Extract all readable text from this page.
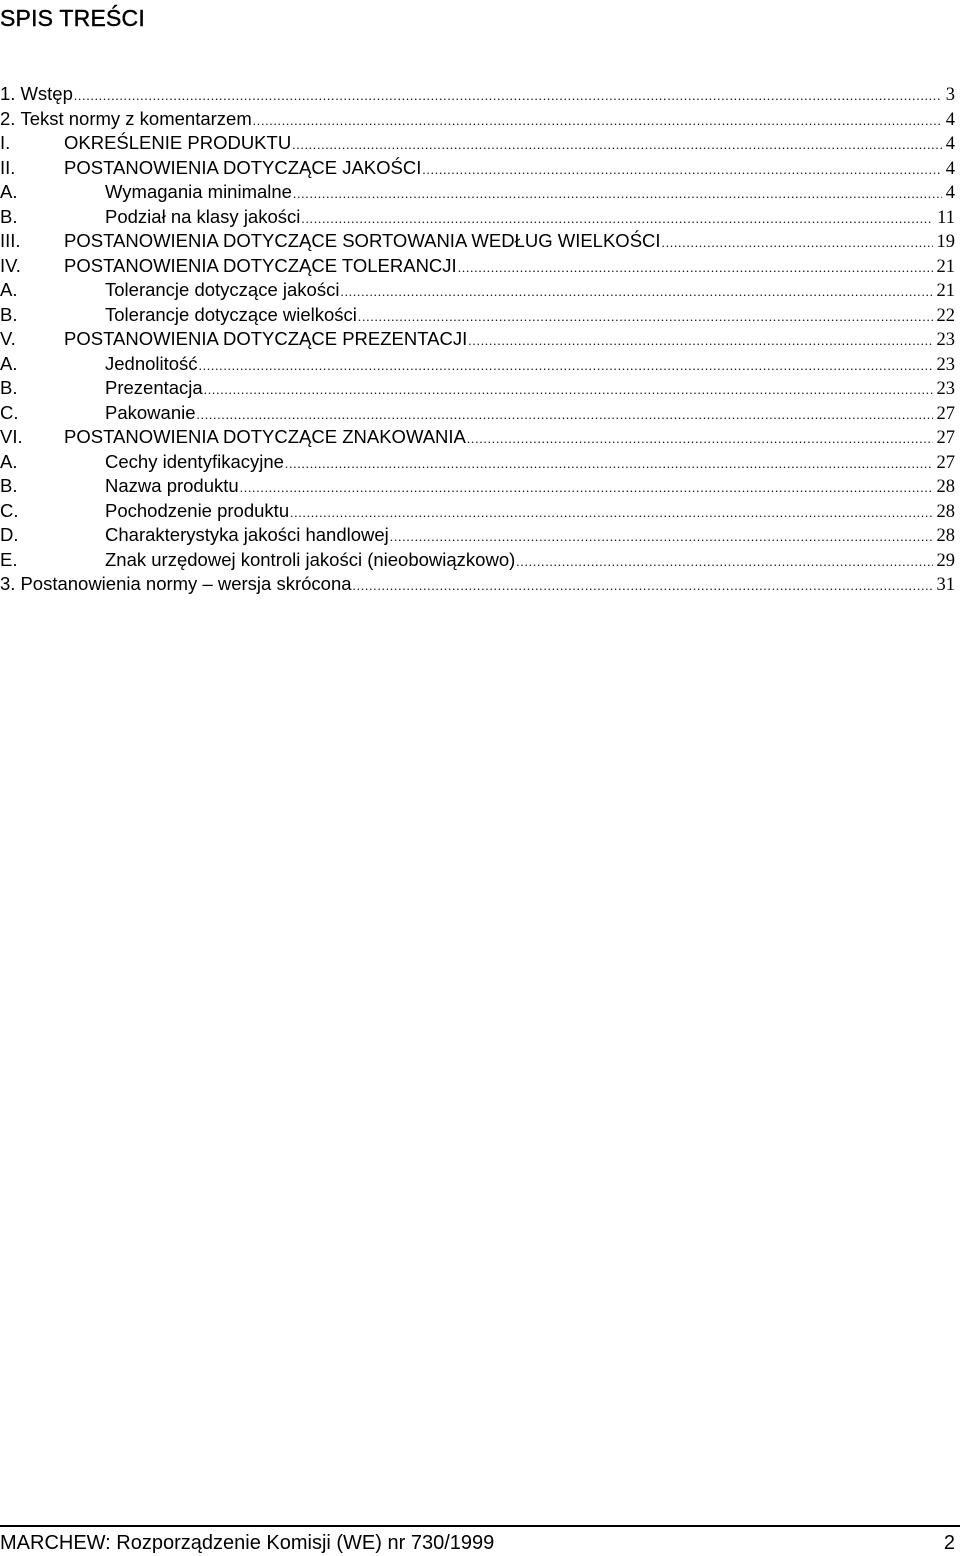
SPIS TREŚCI
1. Wstęp .....	3
2. Tekst normy z komentarzem .....	4
I.	OKREŚLENIE PRODUKTU .....	4
II.	POSTANOWIENIA DOTYCZĄCE JAKOŚCI .....	4
A.	Wymagania minimalne .....	4
B.	Podział na klasy jakości .....	11
III.	POSTANOWIENIA DOTYCZĄCE SORTOWANIA WEDŁUG WIELKOŚCI .....	19
IV.	POSTANOWIENIA DOTYCZĄCE TOLERANCJI .....	21
A.	Tolerancje dotyczące jakości .....	21
B.	Tolerancje dotyczące wielkości .....	22
V.	POSTANOWIENIA DOTYCZĄCE PREZENTACJI .....	23
A.	Jednolitość .....	23
B.	Prezentacja .....	23
C.	Pakowanie .....	27
VI.	POSTANOWIENIA DOTYCZĄCE ZNAKOWANIA .....	27
A.	Cechy identyfikacyjne .....	27
B.	Nazwa produktu .....	28
C.	Pochodzenie produktu .....	28
D.	Charakterystyka jakości handlowej .....	28
E.	Znak urzędowej kontroli jakości (nieobowiązkowo) .....	29
3. Postanowienia normy – wersja skrócona .....	31
MARCHEW: Rozporządzenie Komisji (WE) nr 730/1999	2
